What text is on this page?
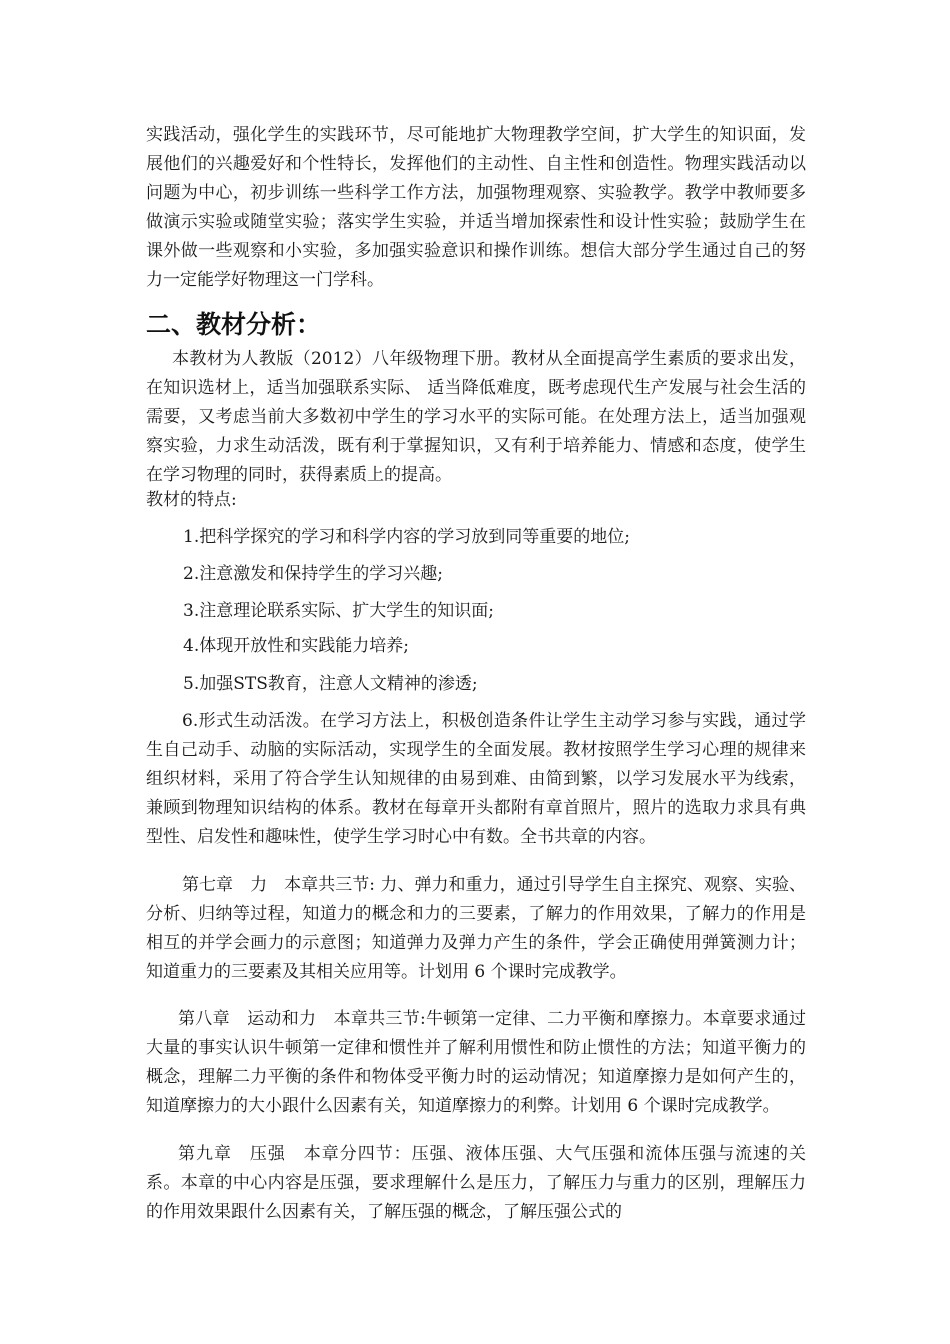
实践活动，强化学生的实践环节，尽可能地扩大物理教学空间，扩大学生的知识面，发展他们的兴趣爱好和个性特长，发挥他们的主动性、自主性和创造性。物理实践活动以问题为中心，初步训练一些科学工作方法，加强物理观察、实验教学。教学中教师要多做演示实验或随堂实验；落实学生实验，并适当增加探索性和设计性实验；鼓励学生在课外做一些观察和小实验，多加强实验意识和操作训练。想信大部分学生通过自己的努力一定能学好物理这一门学科。

二、教材分析：

本教材为人教版（2012）八年级物理下册。教材从全面提高学生素质的要求出发，在知识选材上，适当加强联系实际、 适当降低难度，既考虑现代生产发展与社会生活的需要，又考虑当前大多数初中学生的学习水平的实际可能。在处理方法上，适当加强观察实验，力求生动活泼，既有利于掌握知识，又有利于培养能力、情感和态度，使学生在学习物理的同时，获得素质上的提高。

教材的特点:

1.把科学探究的学习和科学内容的学习放到同等重要的地位;

2.注意激发和保持学生的学习兴趣;

3.注意理论联系实际、扩大学生的知识面;

4.体现开放性和实践能力培养;

5.加强STS教育，注意人文精神的渗透;

6.形式生动活泼。在学习方法上，积极创造条件让学生主动学习参与实践，通过学生自己动手、动脑的实际活动，实现学生的全面发展。教材按照学生学习心理的规律来组织材料，采用了符合学生认知规律的由易到难、由简到繁，以学习发展水平为线索，兼顾到物理知识结构的体系。教材在每章开头都附有章首照片，照片的选取力求具有典型性、启发性和趣味性，使学生学习时心中有数。全书共章的内容。

第七章　力　本章共三节: 力、弹力和重力，通过引导学生自主探究、观察、实验、分析、归纳等过程，知道力的概念和力的三要素，了解力的作用效果，了解力的作用是相互的并学会画力的示意图；知道弹力及弹力产生的条件，学会正确使用弹簧测力计；知道重力的三要素及其相关应用等。计划用 6 个课时完成教学。

第八章　运动和力　本章共三节:牛顿第一定律、二力平衡和摩擦力。本章要求通过大量的事实认识牛顿第一定律和惯性并了解利用惯性和防止惯性的方法；知道平衡力的概念，理解二力平衡的条件和物体受平衡力时的运动情况；知道摩擦力是如何产生的，知道摩擦力的大小跟什么因素有关，知道摩擦力的利弊。计划用 6 个课时完成教学。

第九章　压强　本章分四节：压强、液体压强、大气压强和流体压强与流速的关系。本章的中心内容是压强，要求理解什么是压力，了解压力与重力的区别，理解压力的作用效果跟什么因素有关，了解压强的概念，了解压强公式的
